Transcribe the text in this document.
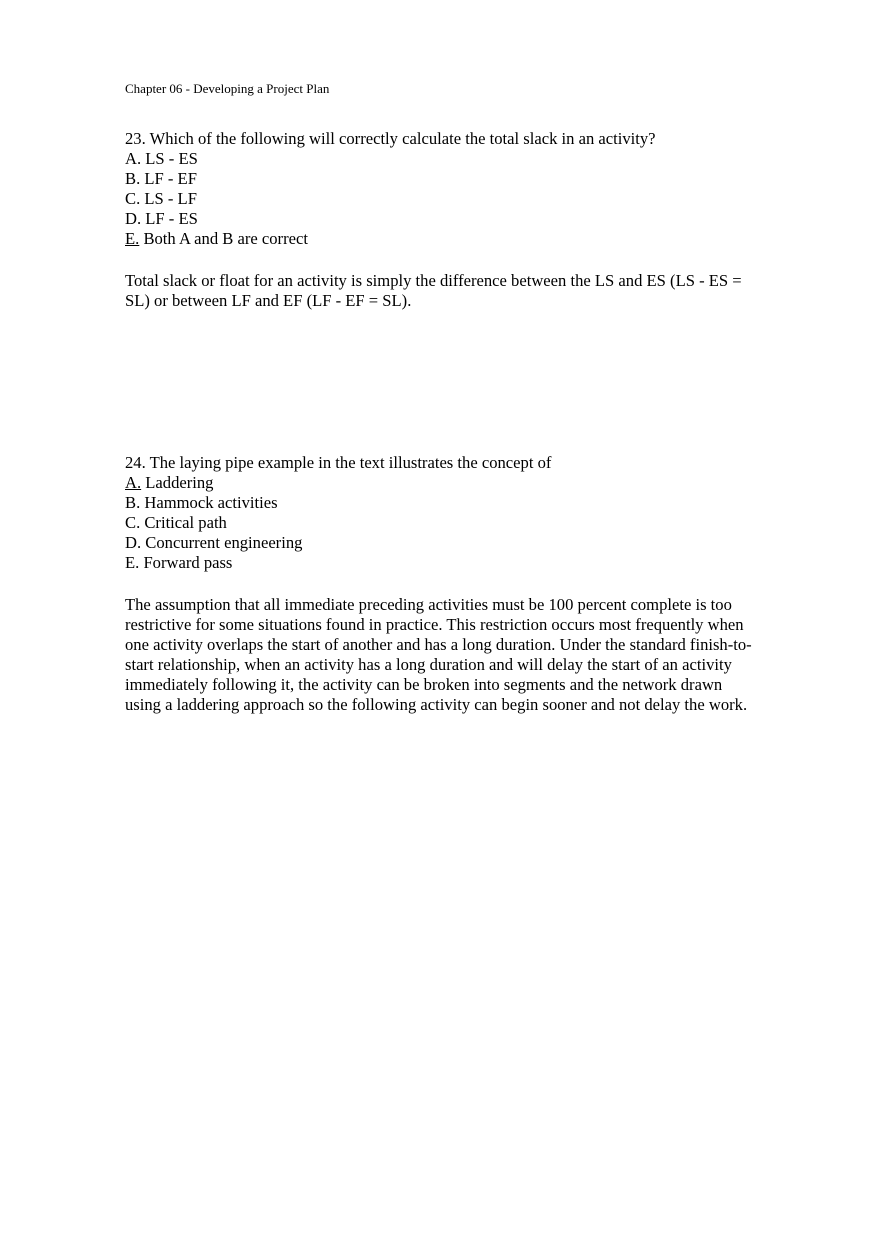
Chapter 06 - Developing a Project Plan
23. Which of the following will correctly calculate the total slack in an activity?
A. LS - ES
B. LF - EF
C. LS - LF
D. LF - ES
E. Both A and B are correct
Total slack or float for an activity is simply the difference between the LS and ES (LS - ES =
SL) or between LF and EF (LF - EF = SL).
24. The laying pipe example in the text illustrates the concept of
A. Laddering
B. Hammock activities
C. Critical path
D. Concurrent engineering
E. Forward pass
The assumption that all immediate preceding activities must be 100 percent complete is too
restrictive for some situations found in practice. This restriction occurs most frequently when
one activity overlaps the start of another and has a long duration. Under the standard finish-to-
start relationship, when an activity has a long duration and will delay the start of an activity
immediately following it, the activity can be broken into segments and the network drawn
using a laddering approach so the following activity can begin sooner and not delay the work.
